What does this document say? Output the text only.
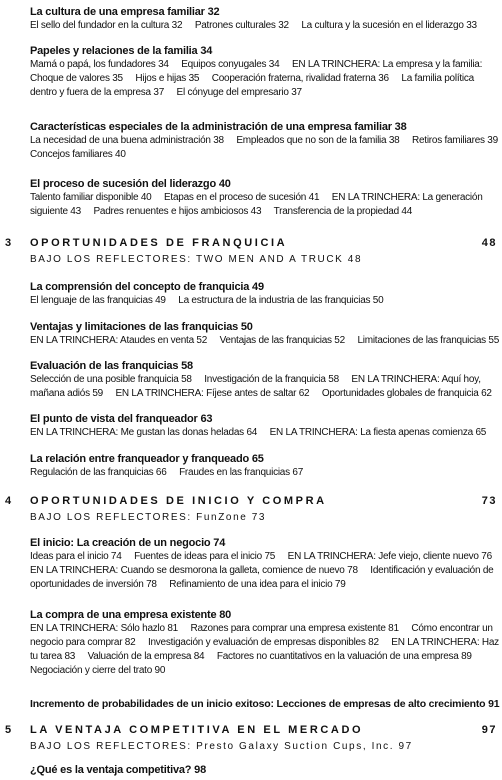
La cultura de una empresa familiar 32
El sello del fundador en la cultura 32 Patrones culturales 32 La cultura y la sucesión en el liderazgo 33
Papeles y relaciones de la familia 34
Mamá o papá, los fundadores 34 Equipos conyugales 34 EN LA TRINCHERA: La empresa y la familia:
Choque de valores 35 Hijos e hijas 35 Cooperación fraterna, rivalidad fraterna 36 La familia política
dentro y fuera de la empresa 37 El cónyuge del empresario 37
Características especiales de la administración de una empresa familiar 38
La necesidad de una buena administración 38 Empleados que no son de la familia 38 Retiros familiares 39
Concejos familiares 40
El proceso de sucesión del liderazgo 40
Talento familiar disponible 40 Etapas en el proceso de sucesión 41 EN LA TRINCHERA: La generación
siguiente 43 Padres renuentes e hijos ambiciosos 43 Transferencia de la propiedad 44
3 OPORTUNIDADES DE FRANQUICIA	48
BAJO LOS REFLECTORES: TWO MEN AND A TRUCK 48
La comprensión del concepto de franquicia 49
El lenguaje de las franquicias 49 La estructura de la industria de las franquicias 50
Ventajas y limitaciones de las franquicias 50
EN LA TRINCHERA: Ataudes en venta 52 Ventajas de las franquicias 52 Limitaciones de las franquicias 55
Evaluación de las franquicias 58
Selección de una posible franquicia 58 Investigación de la franquicia 58 EN LA TRINCHERA: Aquí hoy,
mañana adiós 59 EN LA TRINCHERA: Fíjese antes de saltar 62 Oportunidades globales de franquicia 62
El punto de vista del franqueador 63
EN LA TRINCHERA: Me gustan las donas heladas 64 EN LA TRINCHERA: La fiesta apenas comienza 65
La relación entre franqueador y franqueado 65
Regulación de las franquicias 66 Fraudes en las franquicias 67
4 OPORTUNIDADES DE INICIO Y COMPRA	73
BAJO LOS REFLECTORES: FunZone 73
El inicio: La creación de un negocio 74
Ideas para el inicio 74 Fuentes de ideas para el inicio 75 EN LA TRINCHERA: Jefe viejo, cliente nuevo 76
EN LA TRINCHERA: Cuando se desmorona la galleta, comience de nuevo 78 Identificación y evaluación de
oportunidades de inversión 78 Refinamiento de una idea para el inicio 79
La compra de una empresa existente 80
EN LA TRINCHERA: Sólo hazlo 81 Razones para comprar una empresa existente 81 Cómo encontrar un
negocio para comprar 82 Investigación y evaluación de empresas disponibles 82 EN LA TRINCHERA: Haz
tu tarea 83 Valuación de la empresa 84 Factores no cuantitativos en la valuación de una empresa 89
Negociación y cierre del trato 90
Incremento de probabilidades de un inicio exitoso: Lecciones de empresas de alto crecimiento 91
5 LA VENTAJA COMPETITIVA EN EL MERCADO	97
BAJO LOS REFLECTORES: Presto Galaxy Suction Cups, Inc. 97
¿Qué es la ventaja competitiva? 98
